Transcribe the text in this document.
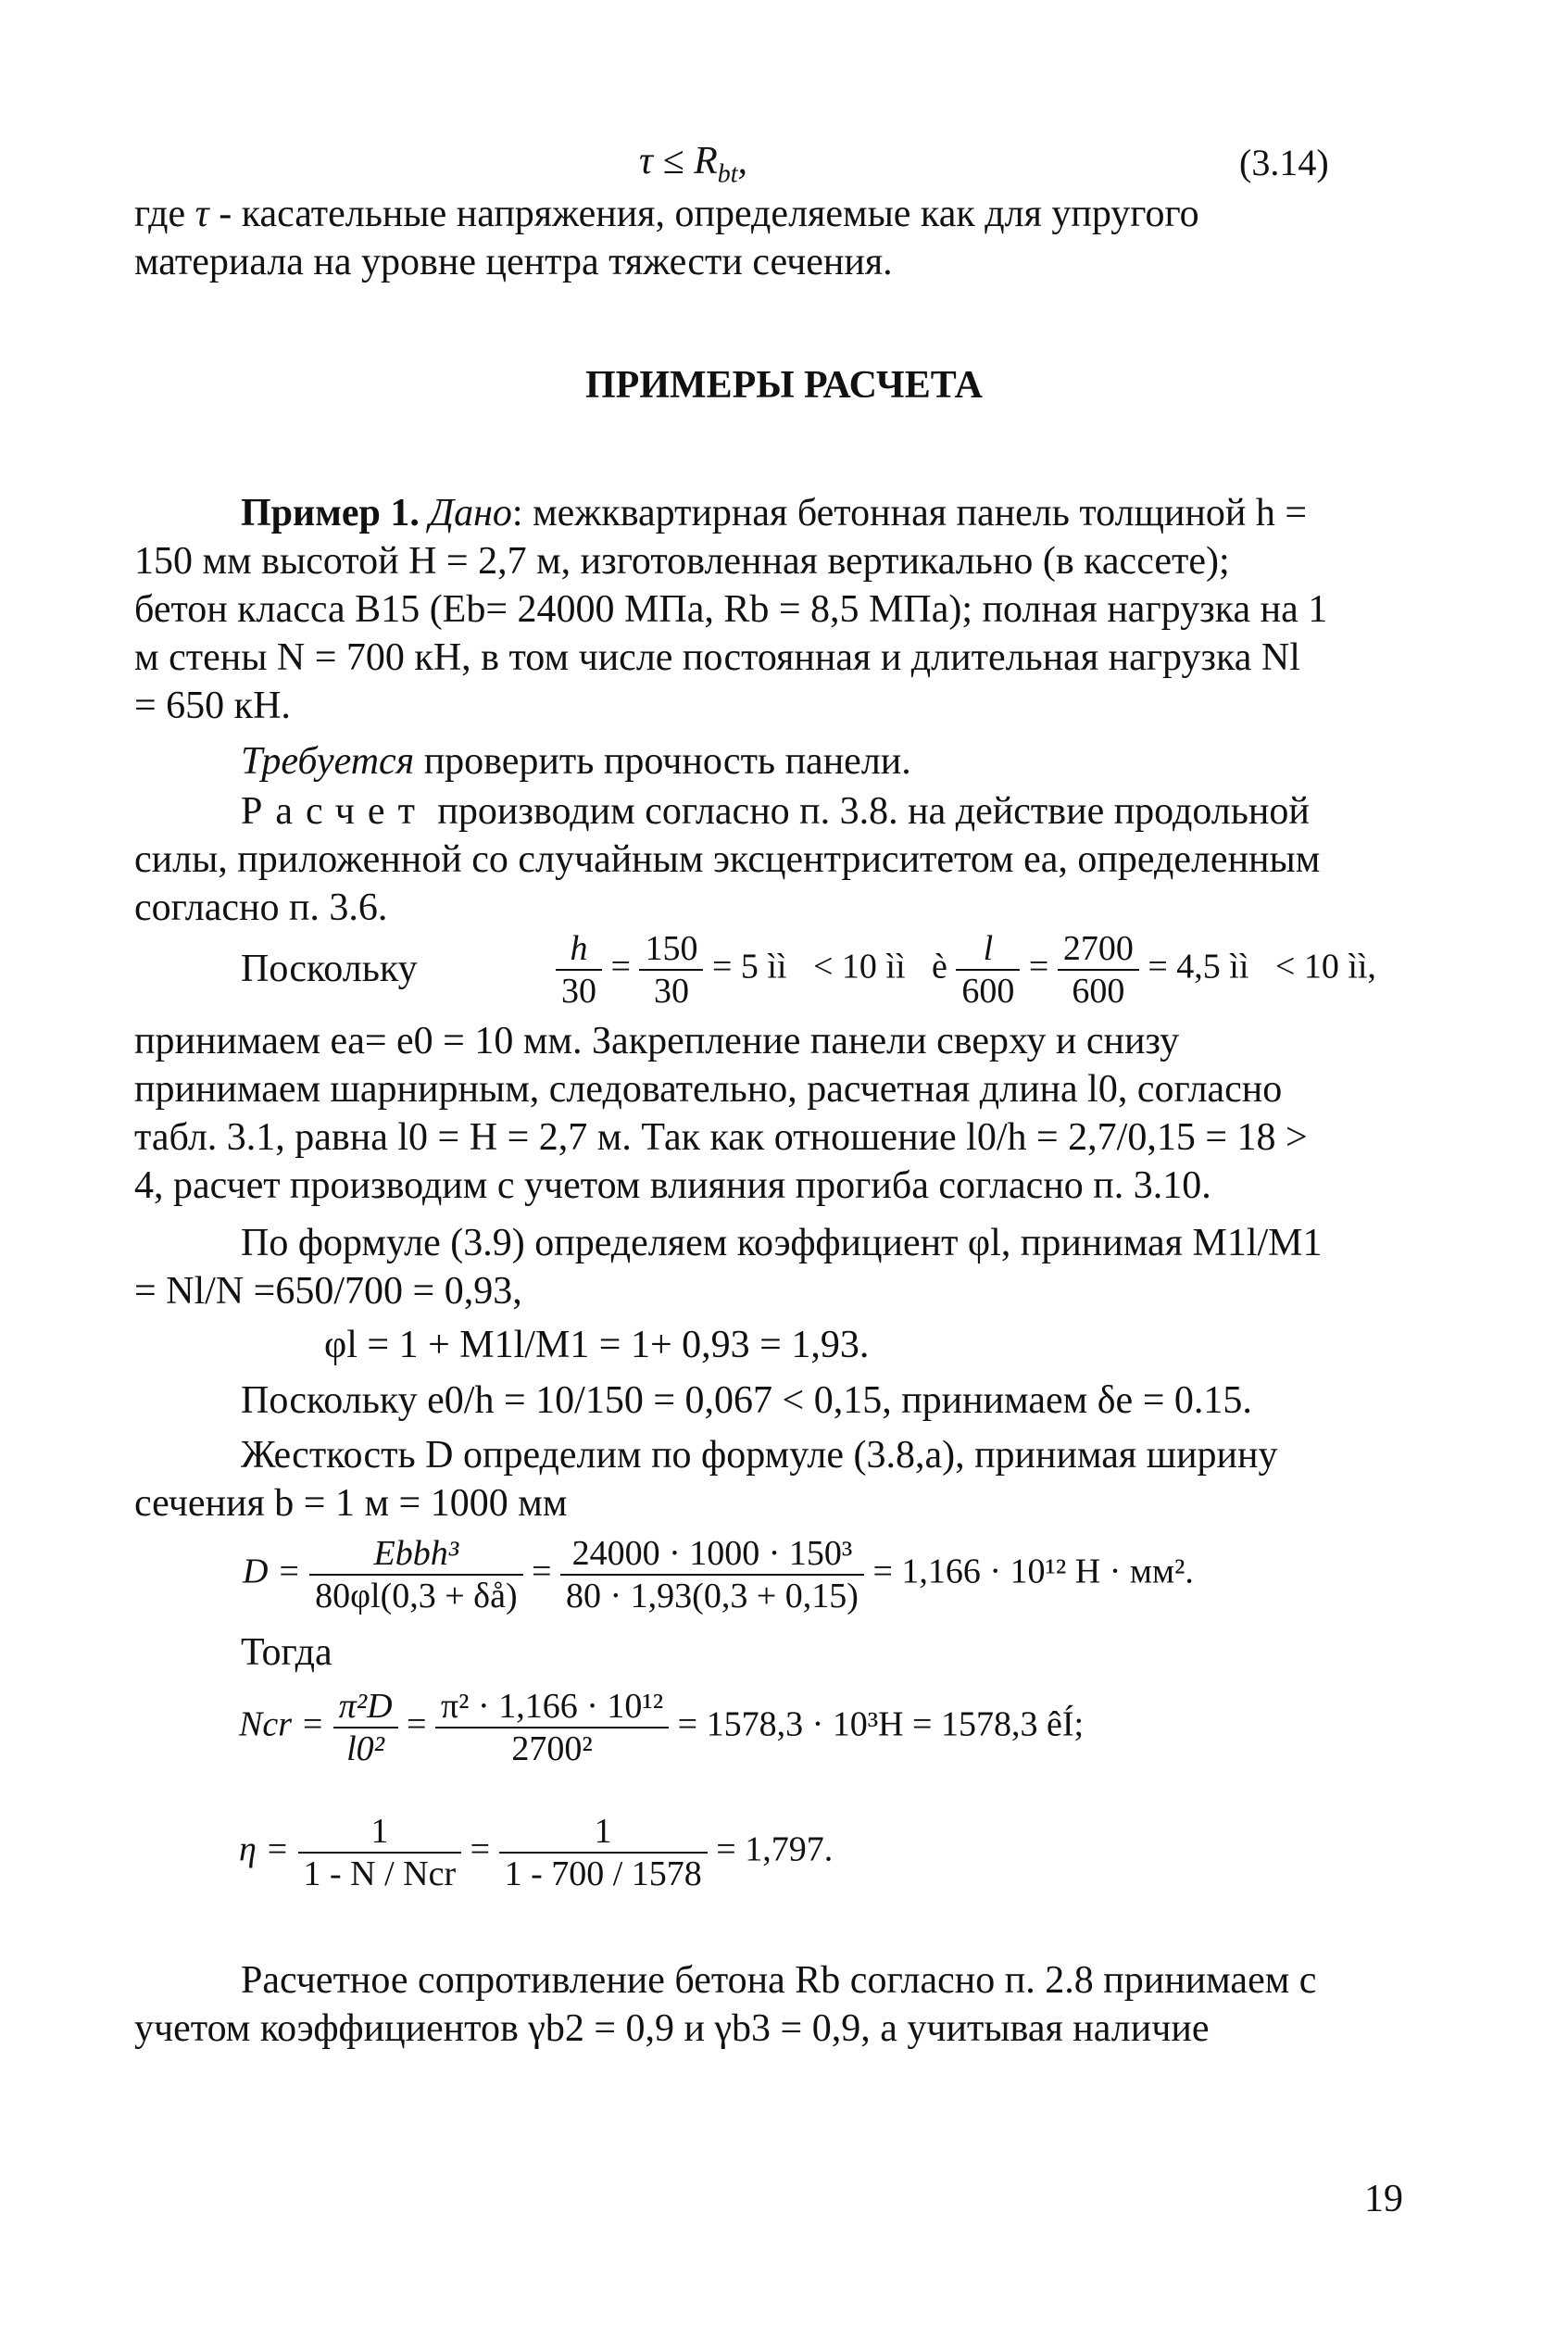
$\tau \le R_{bt}$,	(3.14)
где τ - касательные напряжения, определяемые как для упругого
материала на уровне центра тяжести сечения.
ПРИМЕРЫ РАСЧЕТА
Пример 1. Дано: межквартирная бетонная панель толщиной h =
150 мм высотой H = 2,7 м, изготовленная вертикально (в кассете);
бетон класса В15 (Eb= 24000 МПа, Rb = 8,5 МПа); полная нагрузка на 1
м стены N = 700 кН, в том числе постоянная и длительная нагрузка Nl
= 650 кН.
Требуется проверить прочность панели.
Расчет производим согласно п. 3.8. на действие продольной
силы, приложенной со случайным эксцентриситетом ea, определенным
согласно п. 3.6.
Поскольку	$\frac{h}{30} = \frac{150}{30} = 5$ ìì < 10 ìì è $\frac{l}{600} = \frac{2700}{600} = 4,5$ ìì < 10 ìì,
принимаем ea= e0 = 10 мм. Закрепление панели сверху и снизу
принимаем шарнирным, следовательно, расчетная длина l0, согласно
табл. 3.1, равна l0 = H = 2,7 м. Так как отношение l0/h = 2,7/0,15 = 18 >
4, расчет производим с учетом влияния прогиба согласно п. 3.10.
По формуле (3.9) определяем коэффициент φl, принимая M1l/M1
= Nl/N =650/700 = 0,93,
φl = 1 + M1l/M1 = 1+ 0,93 = 1,93.
Поскольку e0/h = 10/150 = 0,067 < 0,15, принимаем δe = 0.15.
Жесткость D определим по формуле (3.8,а), принимая ширину
сечения b = 1 м = 1000 мм
$D = \frac{\text{Ebbh³}}{80\varphi l(0,3 + \delta å)} = \frac{\text{24000 · 1000 · 150³}}{80 \cdot 1,93(0,3 + 0,15)} = 1,166 \cdot 10^{12}$ Н · мм².
Тогда
Ncr = $\frac{\text{π²D}}{\text{l0²}} = \frac{\text{π² · 1,166 · 10¹²}}{\text{2700²}} = 1578,3 \cdot 10^3Н = 1578,3$ êÍ;
$\eta = \frac{1}{\text{1 - N / Ncr}} = \frac{1}{1 - 700 / 1578} = 1,797$.
Расчетное сопротивление бетона Rb согласно п. 2.8 принимаем с
учетом коэффициентов γb2 = 0,9 и γb3 = 0,9, а учитывая наличие
19
